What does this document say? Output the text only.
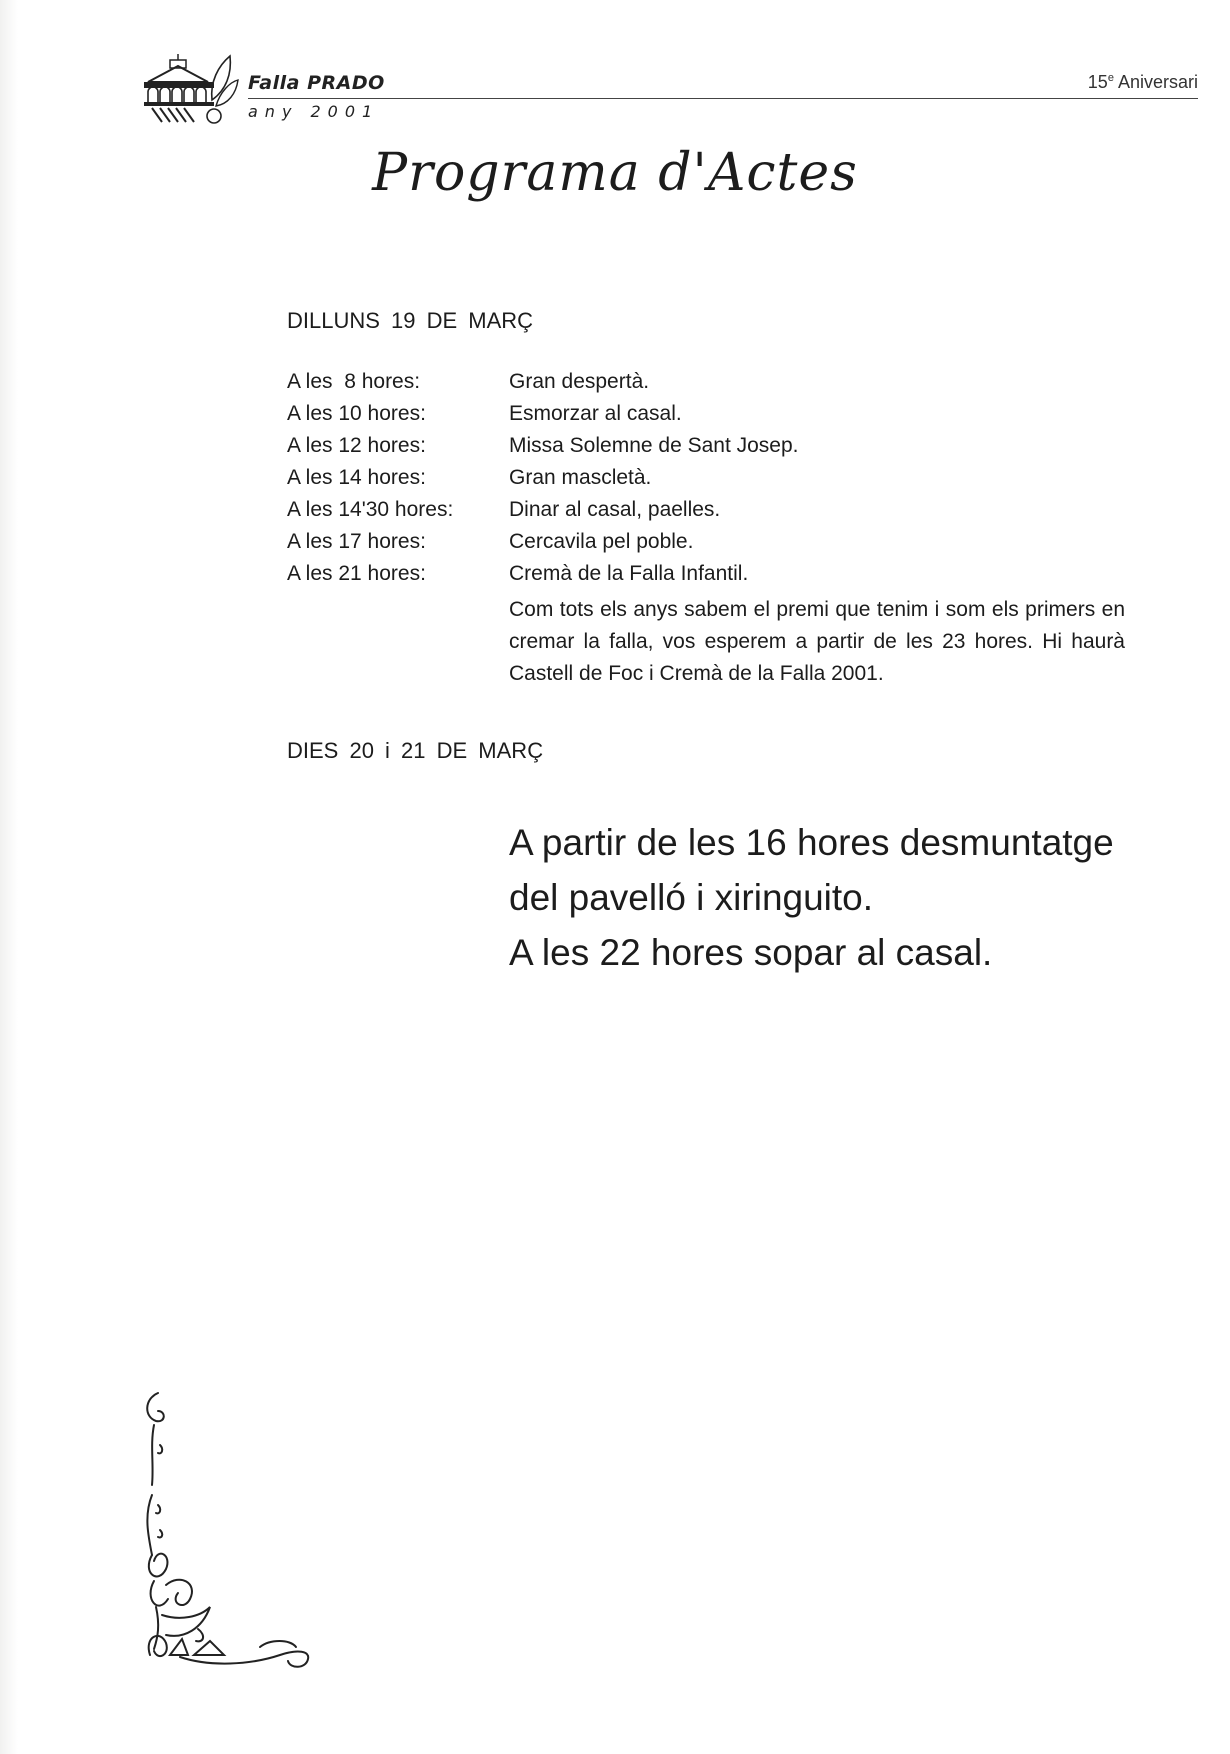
Falla PRADO
any 2001
15e Aniversari
Programa d'Actes
DILLUNS 19 DE MARÇ
A les  8 hores:	Gran despertà.
A les 10 hores:	Esmorzar al casal.
A les 12 hores:	Missa Solemne de Sant Josep.
A les 14 hores:	Gran mascletà.
A les 14'30 hores:	Dinar al casal, paelles.
A les 17 hores:	Cercavila pel poble.
A les 21 hores:	Cremà de la Falla Infantil.
Com tots els anys sabem el premi que tenim i som els primers en cremar la falla, vos esperem a partir de les 23 hores. Hi haurà Castell de Foc i Cremà de la Falla 2001.
DIES 20 i 21 DE MARÇ
A partir de les 16 hores desmuntatge
del pavelló i xiringuito.
A les 22 hores sopar al casal.
